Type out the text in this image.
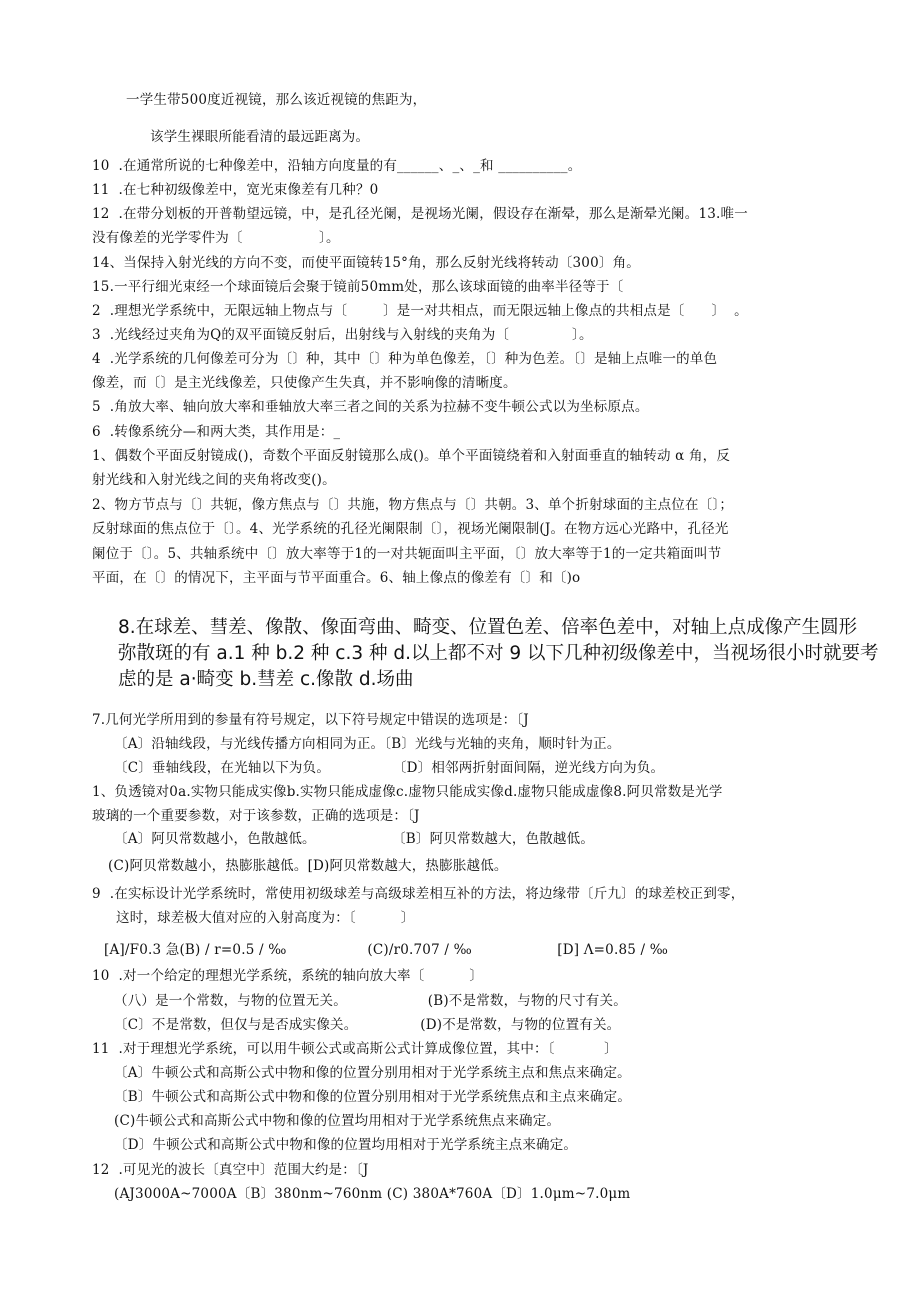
一学生带500度近视镜，那么该近视镜的焦距为，

该学生裸眼所能看清的最远距离为。

10  .在通常所说的七种像差中，沿轴方向度量的有______、_、_和 __________。

11  .在七种初级像差中，宽光束像差有几种？0

12  .在带分划板的开普勒望远镜，中，是孔径光阑，是视场光阑，假设存在渐晕，那么是渐晕光阑。13.唯一

没有像差的光学零件为〔                 〕。

14、当保持入射光线的方向不变，而使平面镜转15°角，那么反射光线将转动〔300〕角。

15.一平行细光束经一个球面镜后会聚于镜前50mm处，那么该球面镜的曲率半径等于〔

2  .理想光学系统中，无限远轴上物点与〔        〕是一对共相点，而无限远轴上像点的共相点是〔      〕  。

3  .光线经过夹角为Q的双平面镜反射后，出射线与入射线的夹角为〔              〕。

4  .光学系统的几何像差可分为〔〕种，其中〔〕种为单色像差，〔〕种为色差。〔〕是轴上点唯一的单色

像差，而〔〕是主光线像差，只使像产生失真，并不影响像的清晰度。

5  .角放大率、轴向放大率和垂轴放大率三者之间的关系为拉赫不变牛顿公式以为坐标原点。

6  .转像系统分—和两大类，其作用是：_

1、偶数个平面反射镜成()，奇数个平面反射镜那么成()。单个平面镜绕着和入射面垂直的轴转动 α 角，反

射光线和入射光线之间的夹角将改变()。

2、物方节点与〔〕共轭，像方焦点与〔〕共施，物方焦点与〔〕共朝。3、单个折射球面的主点位在〔〕；

反射球面的焦点位于〔〕。4、光学系统的孔径光阑限制〔〕，视场光阑限制(J。在物方远心光路中，孔径光

阑位于〔〕。5、共轴系统中〔〕放大率等于1的一对共轭面叫主平面，〔〕放大率等于1的一定共箱面叫节

平面，在〔〕的情况下，主平面与节平面重合。6、轴上像点的像差有〔〕和〔)o

8.在球差、彗差、像散、像面弯曲、畸变、位置色差、倍率色差中，对轴上点成像产生圆形

弥散斑的有 a.1 种 b.2 种 c.3 种 d.以上都不对 9 以下几种初级像差中，当视场很小时就要考

虑的是 a·畸变 b.彗差 c.像散 d.场曲

7.几何光学所用到的参量有符号规定，以下符号规定中错误的选项是：〔J

〔A〕沿轴线段，与光线传播方向相同为正。〔B〕光线与光轴的夹角，顺时针为正。

〔C〕垂轴线段，在光轴以下为负。              〔D〕相邻两折射面间隔，逆光线方向为负。

1、负透镜对0a.实物只能成实像b.实物只能成虚像c.虚物只能成实像d.虚物只能成虚像8.阿贝常数是光学

玻璃的一个重要参数，对于该参数，正确的选项是：〔J

〔A〕阿贝常数越小，色散越低。                 〔B〕阿贝常数越大，色散越低。

(C)阿贝常数越小，热膨胀越低。[D)阿贝常数越大，热膨胀越低。

9  .在实标设计光学系统时，常使用初级球差与高级球差相互补的方法，将边缘带〔斤九〕的球差校正到零，

这时，球差极大值对应的入射高度为：〔          〕

[A]/F0.3 急(B) / r=0.5 / ‰                  (C)/r0.707 / ‰                   [D] Λ=0.85 / ‰

10  .对一个给定的理想光学系统，系统的轴向放大率〔          〕

（八）是一个常数，与物的位置无关。                  (B)不是常数，与物的尺寸有关。

〔C〕不是常数，但仅与是否成实像关。              (D)不是常数，与物的位置有关。

11  .对于理想光学系统，可以用牛顿公式或高斯公式计算成像位置，其中：〔           〕

〔A〕牛顿公式和高斯公式中物和像的位置分别用相对于光学系统主点和焦点来确定。

〔B〕牛顿公式和高斯公式中物和像的位置分别用相对于光学系统焦点和主点来确定。

(C)牛顿公式和高斯公式中物和像的位置均用相对于光学系统焦点来确定。

〔D〕牛顿公式和高斯公式中物和像的位置均用相对于光学系统主点来确定。

12  .可见光的波长〔真空中〕范围大约是：〔J

(AJ3000A~7000A〔B〕380nm~760nm (C) 380A*760A〔D〕1.0μm~7.0μm
